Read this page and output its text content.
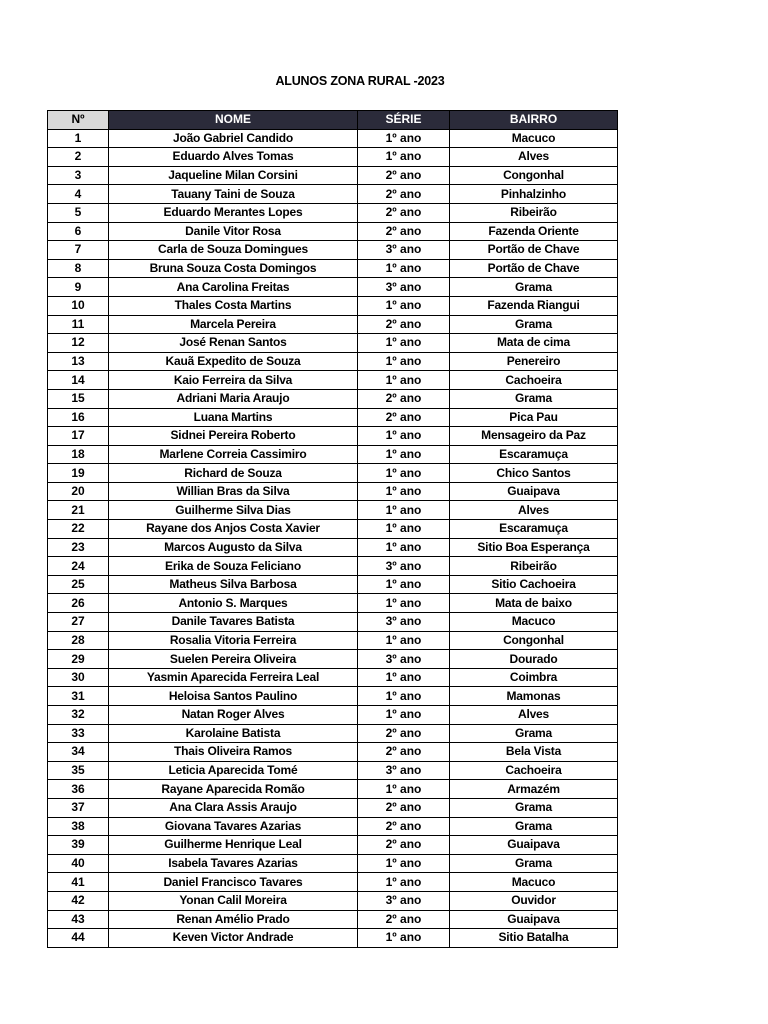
ALUNOS ZONA RURAL -2023
Nº	NOME	SÉRIE	BAIRRO
1	João Gabriel Candido	1º ano	Macuco
2	Eduardo Alves Tomas	1º ano	Alves
3	Jaqueline Milan Corsini	2º ano	Congonhal
4	Tauany Taini de Souza	2º ano	Pinhalzinho
5	Eduardo Merantes Lopes	2º ano	Ribeirão
6	Danile Vitor Rosa	2º ano	Fazenda Oriente
7	Carla de Souza Domingues	3º ano	Portão de Chave
8	Bruna Souza Costa Domingos	1º ano	Portão de Chave
9	Ana Carolina Freitas	3º ano	Grama
10	Thales Costa Martins	1º ano	Fazenda Riangui
11	Marcela Pereira	2º ano	Grama
12	José Renan Santos	1º ano	Mata de cima
13	Kauã Expedito de Souza	1º ano	Penereiro
14	Kaio Ferreira da Silva	1º ano	Cachoeira
15	Adriani Maria Araujo	2º ano	Grama
16	Luana Martins	2º ano	Pica Pau
17	Sidnei Pereira Roberto	1º ano	Mensageiro da Paz
18	Marlene Correia Cassimiro	1º ano	Escaramuça
19	Richard de Souza	1º ano	Chico Santos
20	Willian Bras da Silva	1º ano	Guaipava
21	Guilherme Silva Dias	1º ano	Alves
22	Rayane dos Anjos Costa Xavier	1º ano	Escaramuça
23	Marcos Augusto da Silva	1º ano	Sitio Boa Esperança
24	Erika de Souza Feliciano	3º ano	Ribeirão
25	Matheus Silva Barbosa	1º ano	Sitio Cachoeira
26	Antonio S. Marques	1º ano	Mata de baixo
27	Danile Tavares Batista	3º ano	Macuco
28	Rosalia Vitoria Ferreira	1º ano	Congonhal
29	Suelen Pereira Oliveira	3º ano	Dourado
30	Yasmin Aparecida Ferreira Leal	1º ano	Coimbra
31	Heloisa Santos Paulino	1º ano	Mamonas
32	Natan Roger Alves	1º ano	Alves
33	Karolaine Batista	2º ano	Grama
34	Thais Oliveira Ramos	2º ano	Bela Vista
35	Leticia Aparecida Tomé	3º ano	Cachoeira
36	Rayane Aparecida Romão	1º ano	Armazém
37	Ana Clara Assis Araujo	2º ano	Grama
38	Giovana Tavares Azarias	2º ano	Grama
39	Guilherme Henrique Leal	2º ano	Guaipava
40	Isabela Tavares Azarias	1º ano	Grama
41	Daniel Francisco Tavares	1º ano	Macuco
42	Yonan Calil Moreira	3º ano	Ouvidor
43	Renan Amélio Prado	2º ano	Guaipava
44	Keven Victor Andrade	1º ano	Sitio Batalha
